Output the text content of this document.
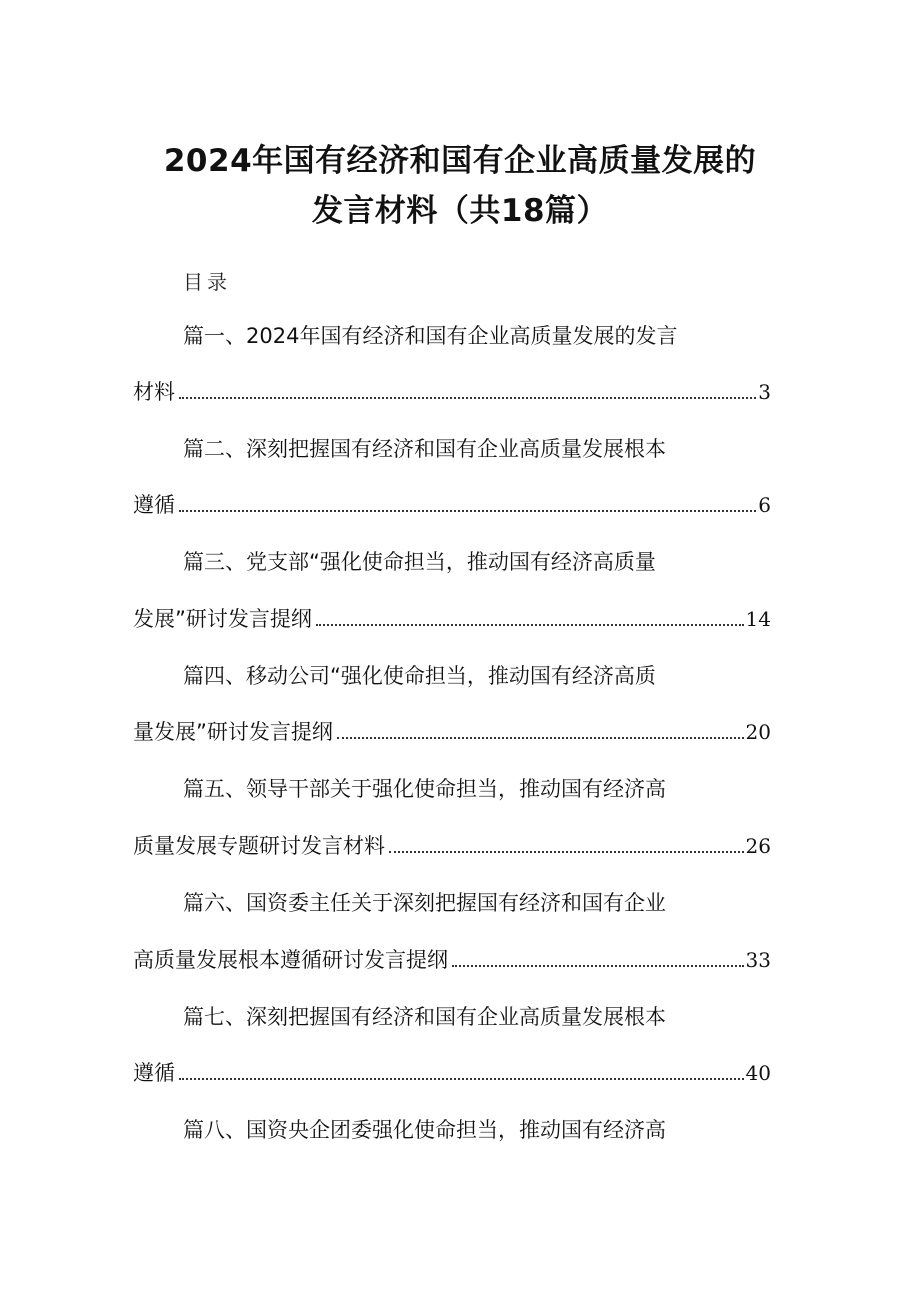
2024年国有经济和国有企业高质量发展的
发言材料（共18篇）
目录
篇一、2024年国有经济和国有企业高质量发展的发言
材料	3
篇二、深刻把握国有经济和国有企业高质量发展根本
遵循	6
篇三、党支部“强化使命担当，推动国有经济高质量
发展”研讨发言提纲	14
篇四、移动公司“强化使命担当，推动国有经济高质
量发展”研讨发言提纲	20
篇五、领导干部关于强化使命担当，推动国有经济高
质量发展专题研讨发言材料	26
篇六、国资委主任关于深刻把握国有经济和国有企业
高质量发展根本遵循研讨发言提纲	33
篇七、深刻把握国有经济和国有企业高质量发展根本
遵循	40
篇八、国资央企团委强化使命担当，推动国有经济高
